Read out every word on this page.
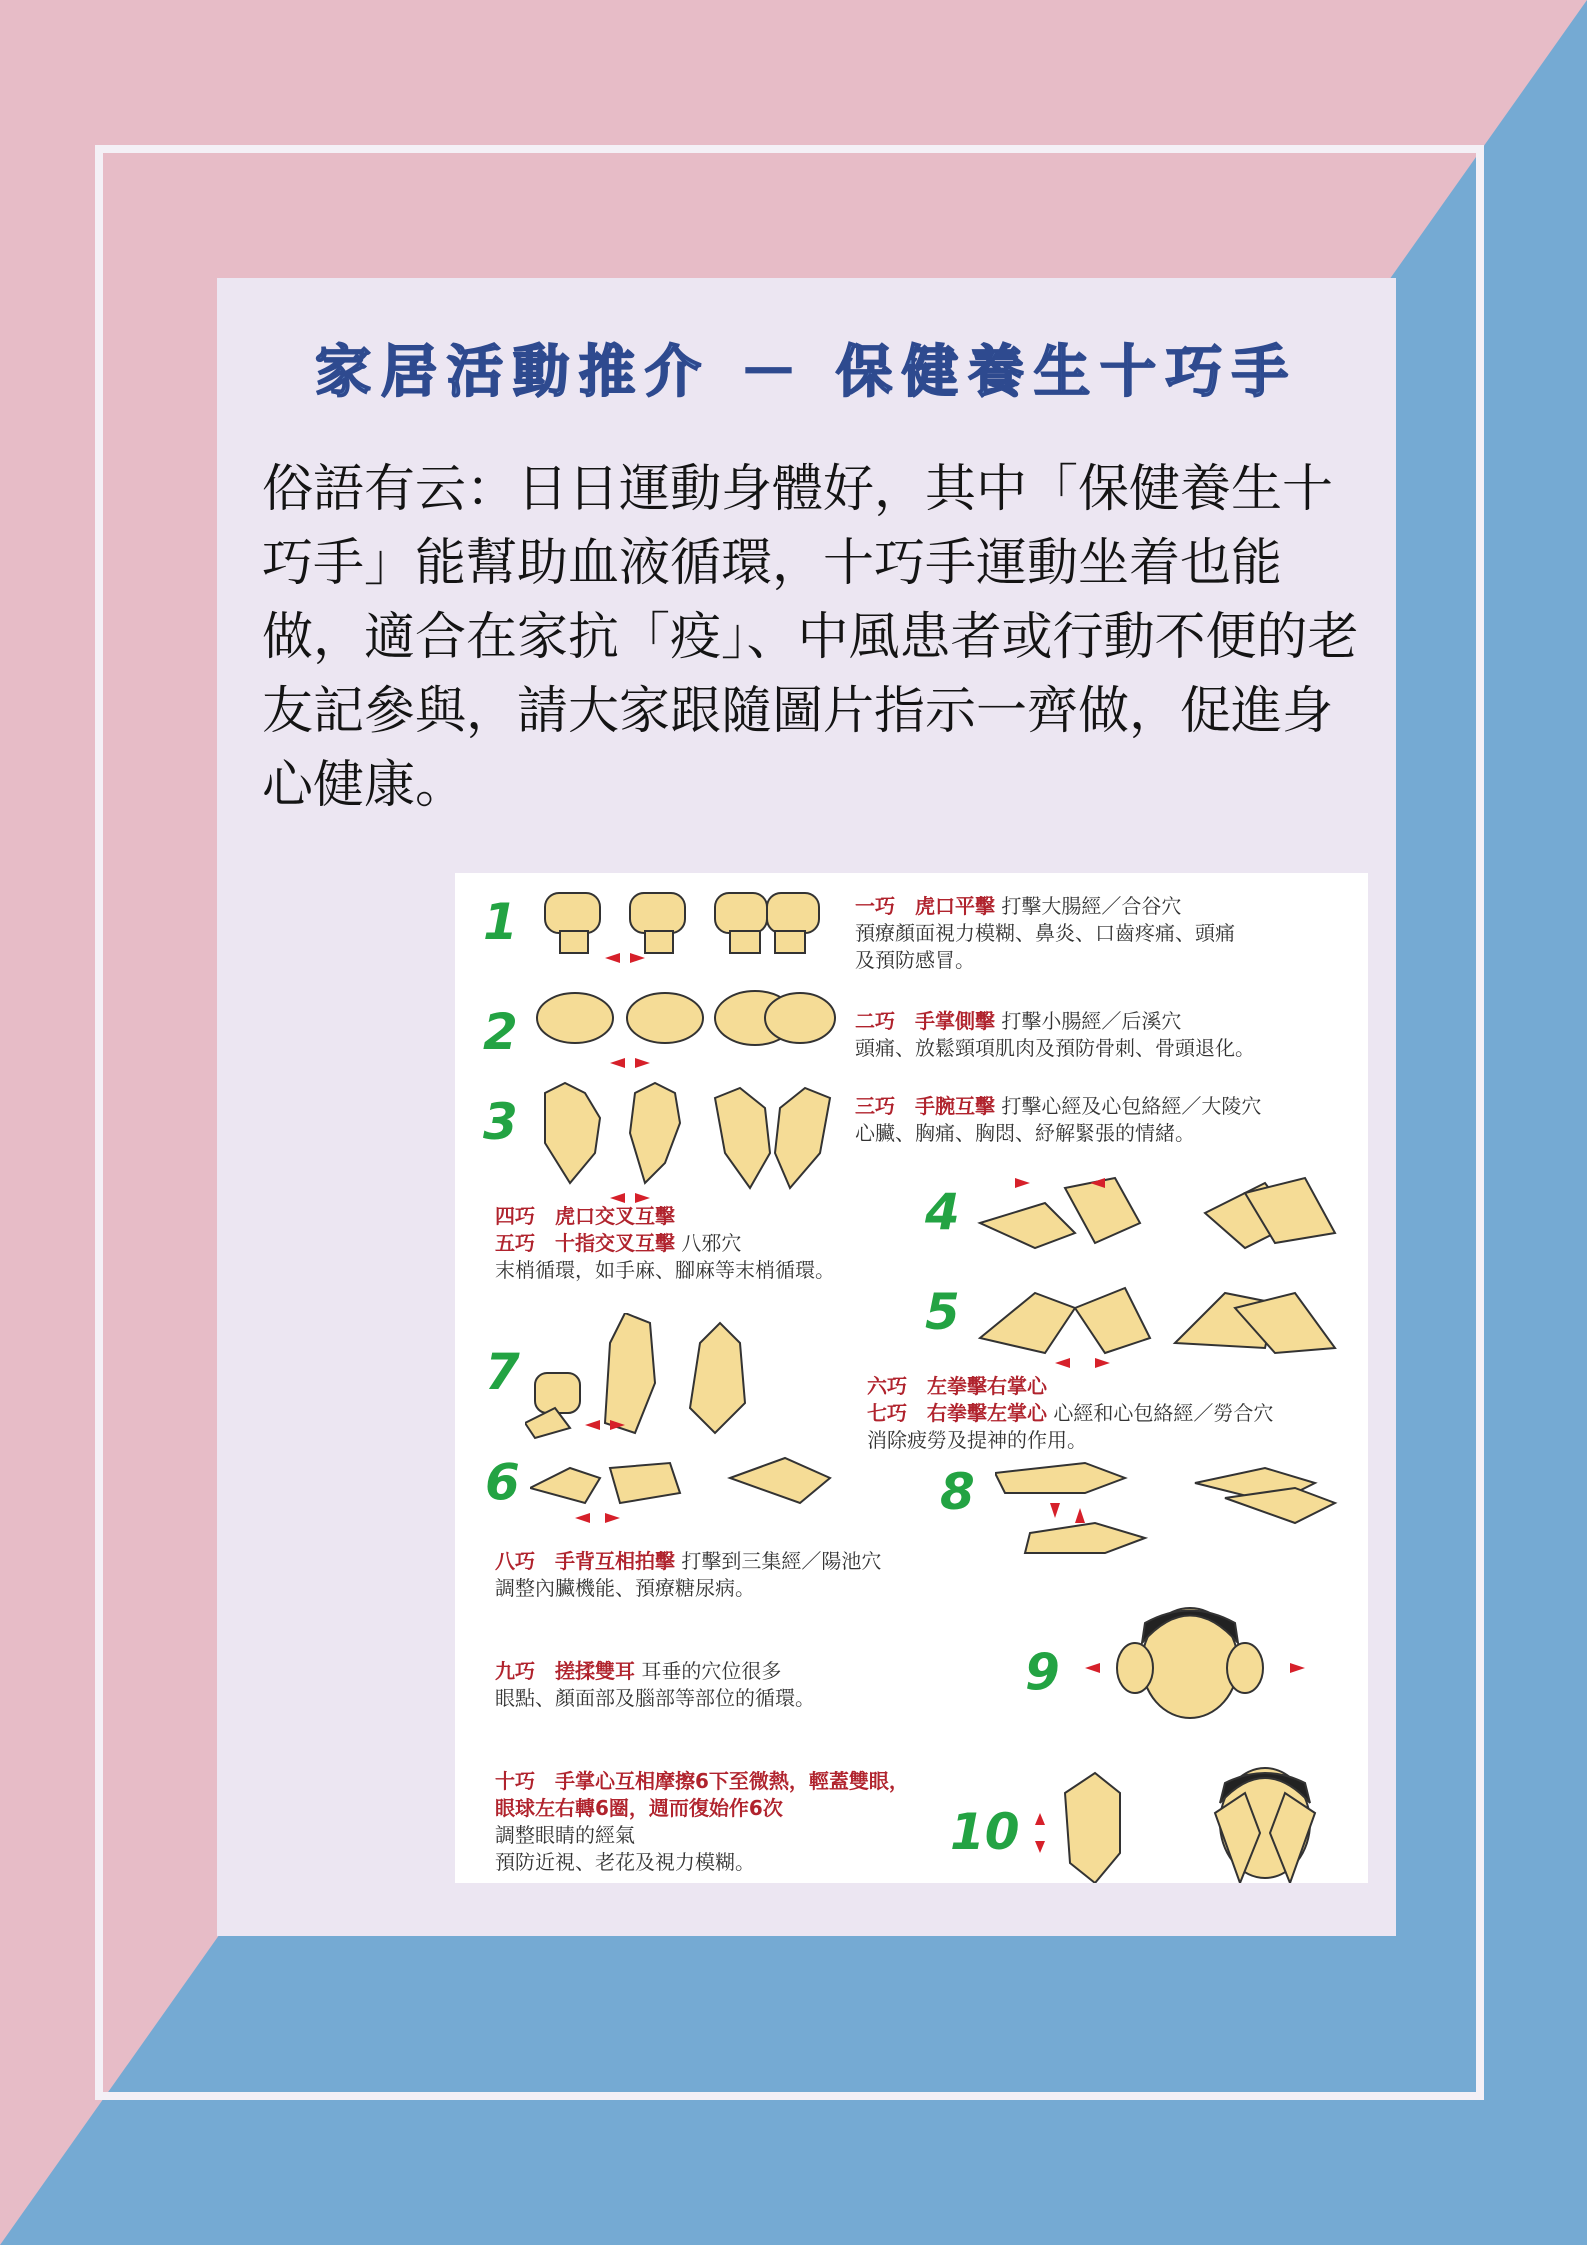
家居活動推介 － 保健養生十巧手

俗語有云：日日運動身體好，其中「保健養生十巧手」能幫助血液循環，十巧手運動坐着也能做，適合在家抗「疫」、中風患者或行動不便的老友記參與，請大家跟隨圖片指示一齊做，促進身心健康。

1	一巧　虎口平擊 打擊大腸經／合谷穴
預療顏面視力模糊、鼻炎、口齒疼痛、頭痛
及預防感冒。

2	二巧　手掌側擊 打擊小腸經／后溪穴
頭痛、放鬆頸項肌肉及預防骨刺、骨頭退化。

3	三巧　手腕互擊 打擊心經及心包絡經／大陵穴
心臟、胸痛、胸悶、紓解緊張的情緒。

四巧　虎口交叉互擊
五巧　十指交叉互擊 八邪穴
末梢循環，如手麻、腳麻等末梢循環。

4
5
7	六巧　左拳擊右掌心
七巧　右拳擊左掌心 心經和心包絡經／勞合穴
消除疲勞及提神的作用。

6	8

八巧　手背互相拍擊 打擊到三集經／陽池穴
調整內臟機能、預療糖尿病。

九巧　搓揉雙耳 耳垂的穴位很多
眼點、顏面部及腦部等部位的循環。	9

十巧　手掌心互相摩擦6下至微熱，輕蓋雙眼，
眼球左右轉6圈，週而復始作6次
調整眼睛的經氣
預防近視、老花及視力模糊。

10
